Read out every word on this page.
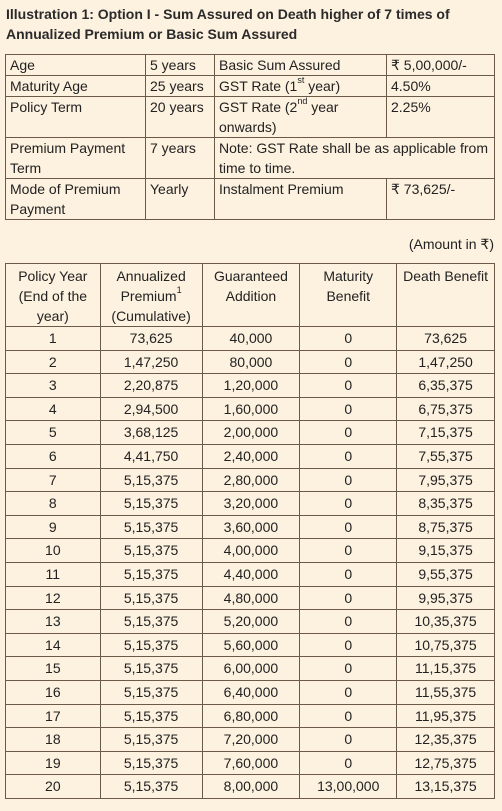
Illustration 1: Option I - Sum Assured on Death higher of 7 times of Annualized Premium or Basic Sum Assured
Age	5 years	Basic Sum Assured	₹ 5,00,000/-
Maturity Age	25 years	GST Rate (1st year)	4.50%
Policy Term	20 years	GST Rate (2nd year onwards)	2.25%
Premium Payment Term	7 years	Note: GST Rate shall be as applicable from time to time.	
Mode of Premium Payment	Yearly	Instalment Premium	₹ 73,625/-
(Amount in ₹)
Policy Year (End of the year)	Annualized Premium$^1$ (Cumulative)	Guaranteed Addition	Maturity Benefit	Death Benefit
1	73,625	40,000	0	73,625
2	1,47,250	80,000	0	1,47,250
3	2,20,875	1,20,000	0	6,35,375
4	2,94,500	1,60,000	0	6,75,375
5	3,68,125	2,00,000	0	7,15,375
6	4,41,750	2,40,000	0	7,55,375
7	5,15,375	2,80,000	0	7,95,375
8	5,15,375	3,20,000	0	8,35,375
9	5,15,375	3,60,000	0	8,75,375
10	5,15,375	4,00,000	0	9,15,375
11	5,15,375	4,40,000	0	9,55,375
12	5,15,375	4,80,000	0	9,95,375
13	5,15,375	5,20,000	0	10,35,375
14	5,15,375	5,60,000	0	10,75,375
15	5,15,375	6,00,000	0	11,15,375
16	5,15,375	6,40,000	0	11,55,375
17	5,15,375	6,80,000	0	11,95,375
18	5,15,375	7,20,000	0	12,35,375
19	5,15,375	7,60,000	0	12,75,375
20	5,15,375	8,00,000	13,00,000	13,15,375
